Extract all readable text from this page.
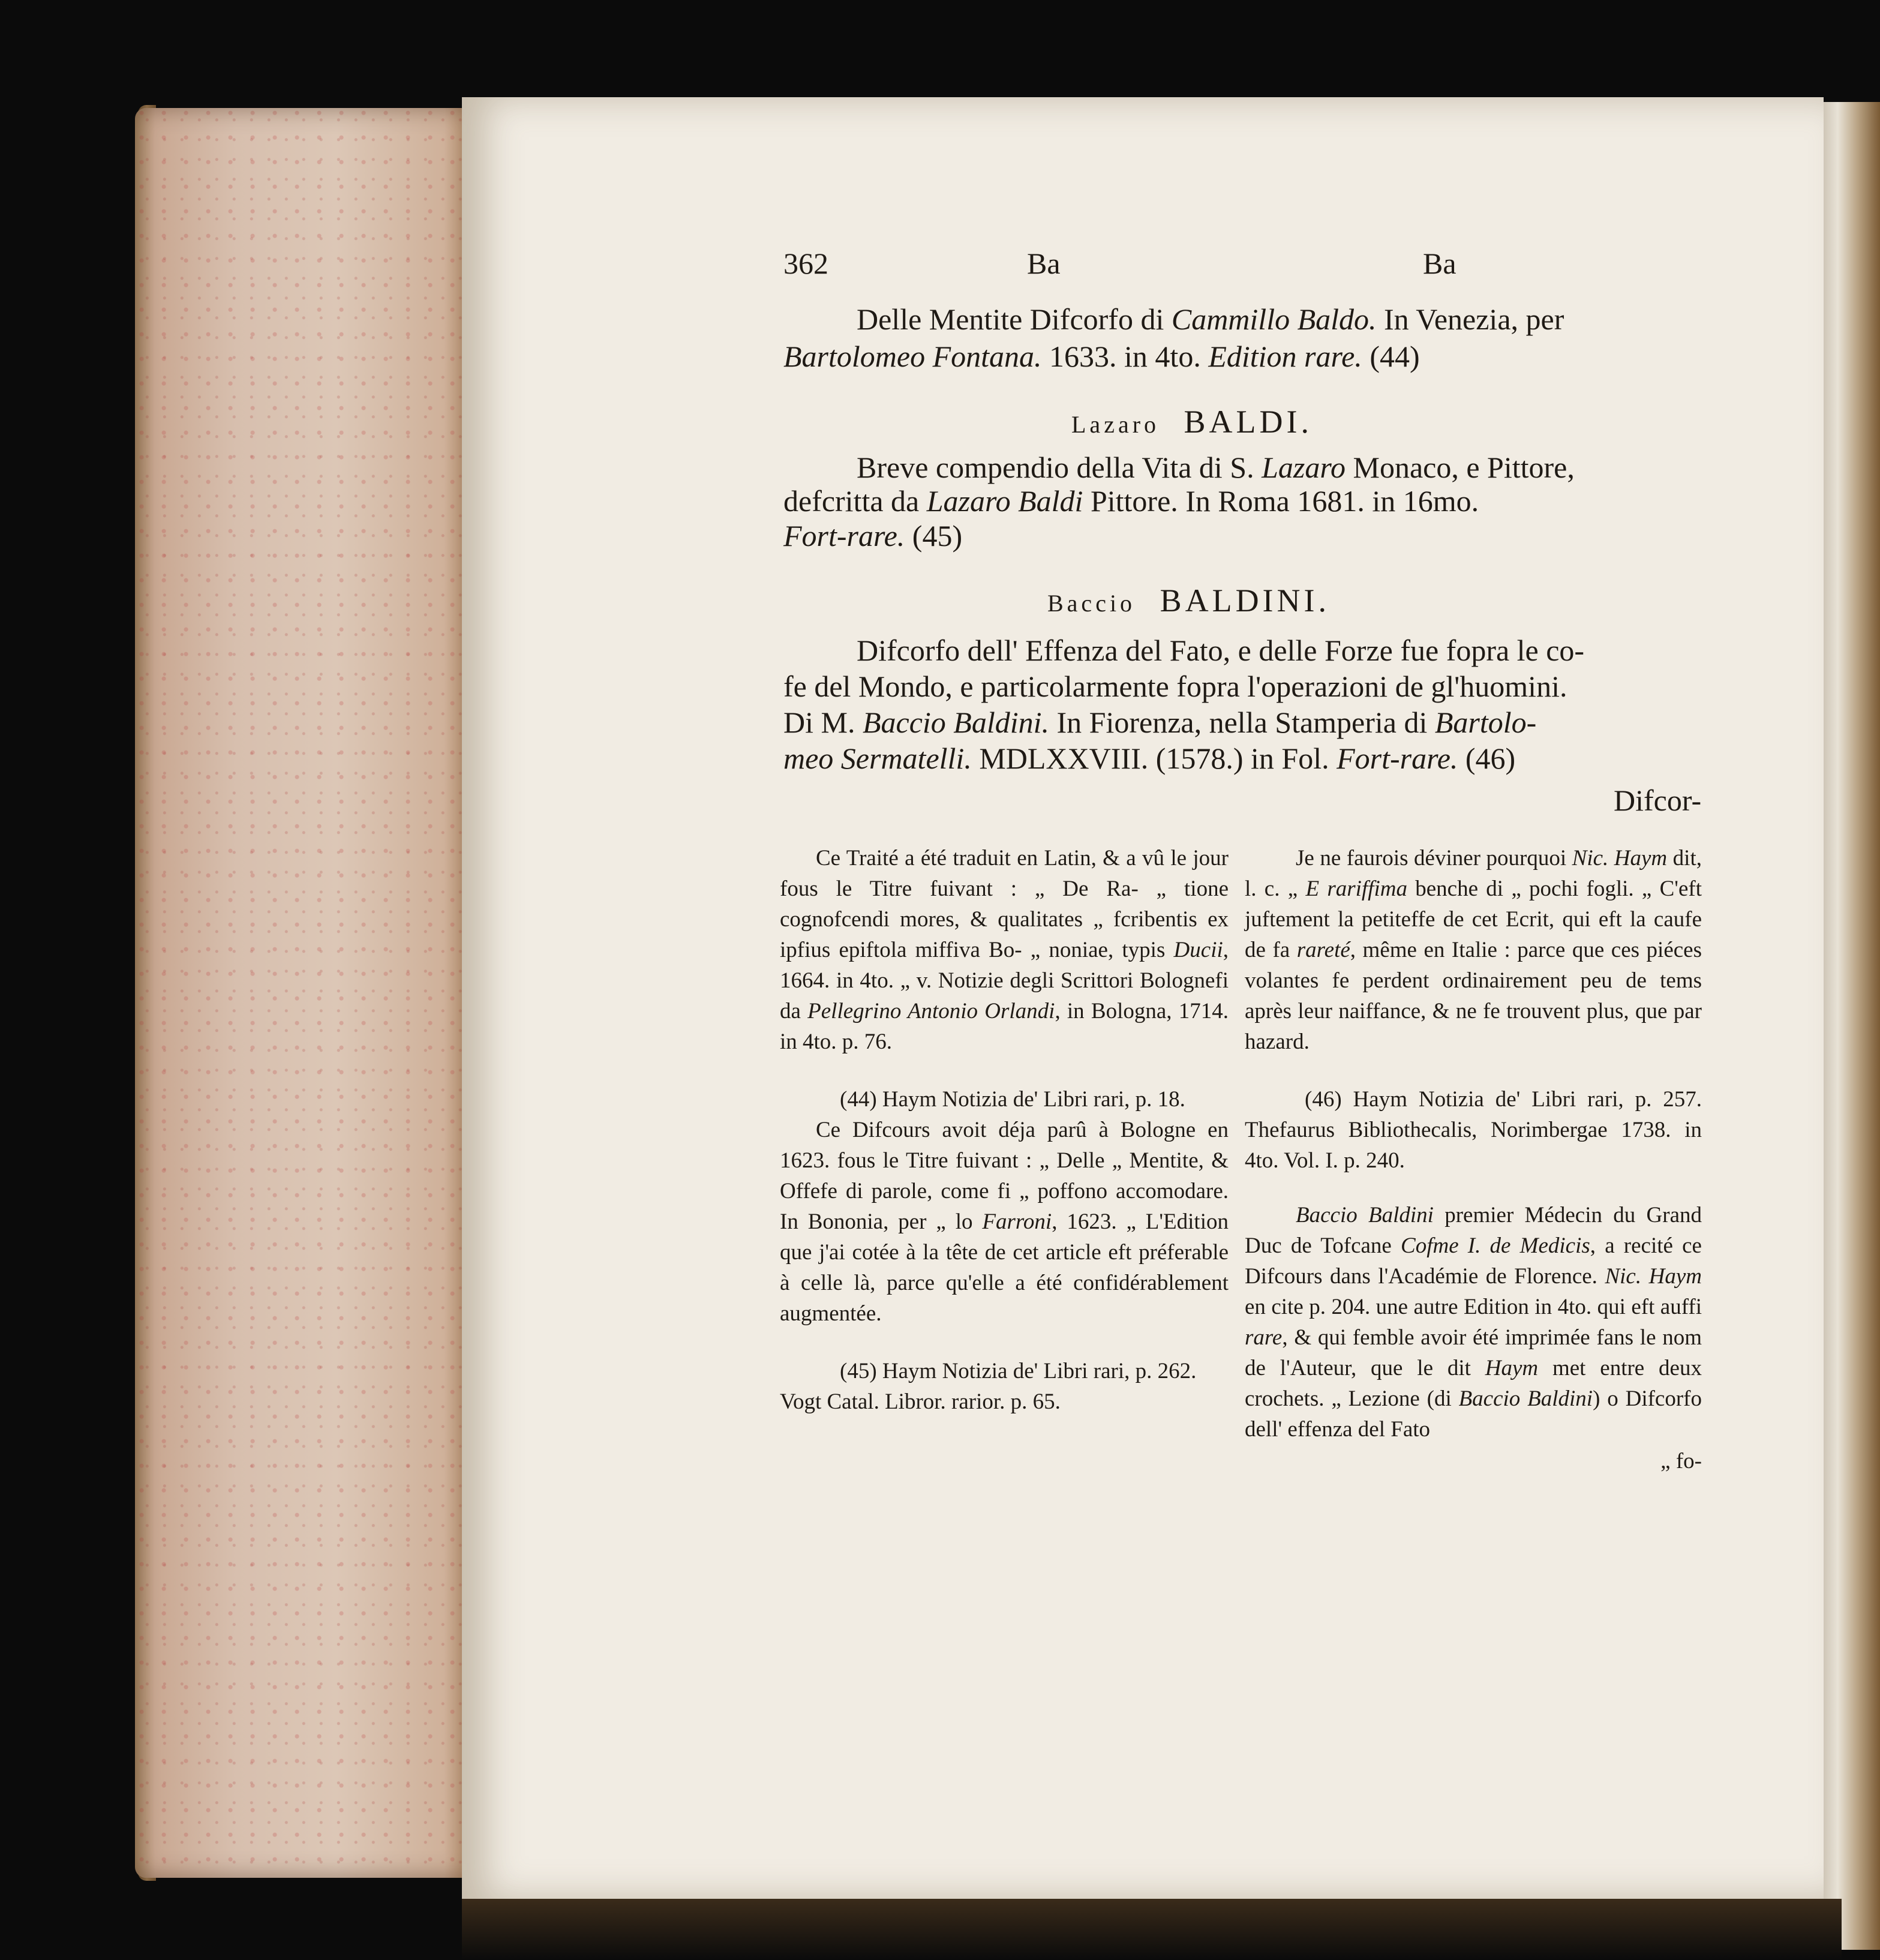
362	Ba	Ba
Delle Mentite Difcorfo di Cammillo Baldo. In Venezia, per
Bartolomeo Fontana. 1633. in 4to. Edition rare. (44)
Lazaro BALDI.
Breve compendio della Vita di S. Lazaro Monaco, e Pittore,
defcritta da Lazaro Baldi Pittore. In Roma 1681. in 16mo.
Fort-rare. (45)
Baccio BALDINI.
Difcorfo dell' Effenza del Fato, e delle Forze fue fopra le co-
fe del Mondo, e particolarmente fopra l'operazioni de gl'huomini.
Di M. Baccio Baldini. In Fiorenza, nella Stamperia di Bartolo-
meo Sermatelli. MDLXXVIII. (1578.) in Fol. Fort-rare. (46)
Difcor-

Ce Traité a été traduit en Latin, & a vû le jour fous le Titre fuivant : „ De Ra- „ tione cognofcendi mores, & qualitates „ fcribentis ex ipfius epiftola miffiva Bo- „ noniae, typis Ducii, 1664. in 4to. „ v. Notizie degli Scrittori Bolognefi da Pellegrino Antonio Orlandi, in Bologna, 1714. in 4to. p. 76.

(44) Haym Notizia de' Libri rari, p. 18.

Ce Difcours avoit déja parû à Bologne en 1623. fous le Titre fuivant : „ Delle „ Mentite, & Offefe di parole, come fi „ poffono accomodare. In Bononia, per „ lo Farroni, 1623. „ L'Edition que j'ai cotée à la tête de cet article eft préferable à celle là, parce qu'elle a été confidérablement augmentée.

(45) Haym Notizia de' Libri rari, p. 262. Vogt Catal. Libror. rarior. p. 65.

Je ne faurois déviner pourquoi Nic. Haym dit, l. c. „ E rariffima benche di „ pochi fogli. „ C'eft juftement la petiteffe de cet Ecrit, qui eft la caufe de fa rareté, même en Italie : parce que ces piéces volantes fe perdent ordinairement peu de tems après leur naiffance, & ne fe trouvent plus, que par hazard.

(46) Haym Notizia de' Libri rari, p. 257. Thefaurus Bibliothecalis, Norimbergae 1738. in 4to. Vol. I. p. 240.

Baccio Baldini premier Médecin du Grand Duc de Tofcane Cofme I. de Medicis, a recité ce Difcours dans l'Académie de Florence. Nic. Haym en cite p. 204. une autre Edition in 4to. qui eft auffi rare, & qui femble avoir été imprimée fans le nom de l'Auteur, que le dit Haym met entre deux crochets. „ Lezione (di Baccio Baldini) o Difcorfo dell' effenza del Fato

„ fo-
